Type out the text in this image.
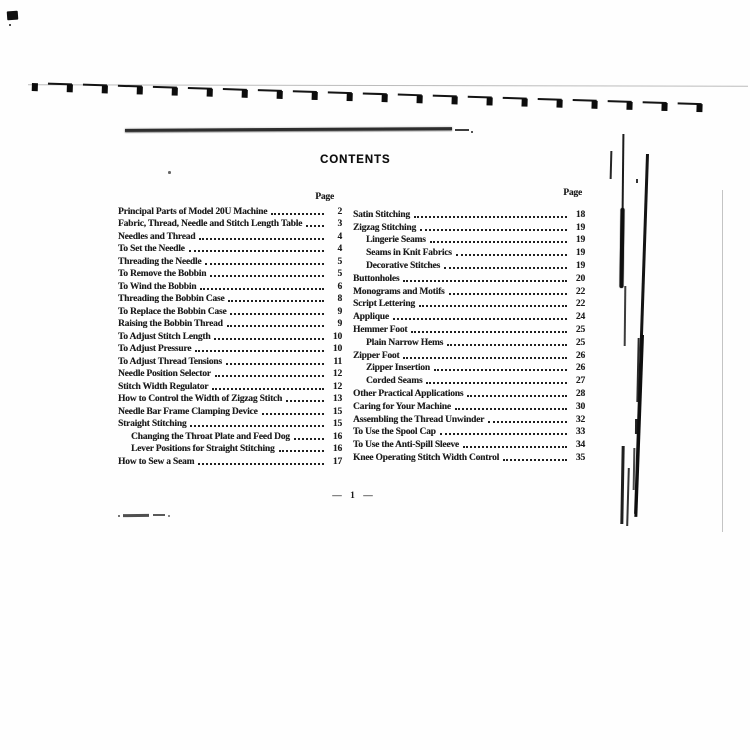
CONTENTS
Page
Principal Parts of Model 20U Machine	2
Fabric, Thread, Needle and Stitch Length Table	3
Needles and Thread	4
To Set the Needle	4
Threading the Needle	5
To Remove the Bobbin	5
To Wind the Bobbin	6
Threading the Bobbin Case	8
To Replace the Bobbin Case	9
Raising the Bobbin Thread	9
To Adjust Stitch Length	10
To Adjust Pressure	10
To Adjust Thread Tensions	11
Needle Position Selector	12
Stitch Width Regulator	12
How to Control the Width of Zigzag Stitch	13
Needle Bar Frame Clamping Device	15
Straight Stitching	15
Changing the Throat Plate and Feed Dog	16
Lever Positions for Straight Stitching	16
How to Sew a Seam	17
Page
Satin Stitching	18
Zigzag Stitching	19
Lingerie Seams	19
Seams in Knit Fabrics	19
Decorative Stitches	19
Buttonholes	20
Monograms and Motifs	22
Script Lettering	22
Applique	24
Hemmer Foot	25
Plain Narrow Hems	25
Zipper Foot	26
Zipper Insertion	26
Corded Seams	27
Other Practical Applications	28
Caring for Your Machine	30
Assembling the Thread Unwinder	32
To Use the Spool Cap	33
To Use the Anti-Spill Sleeve	34
Knee Operating Stitch Width Control	35
— 1 —
